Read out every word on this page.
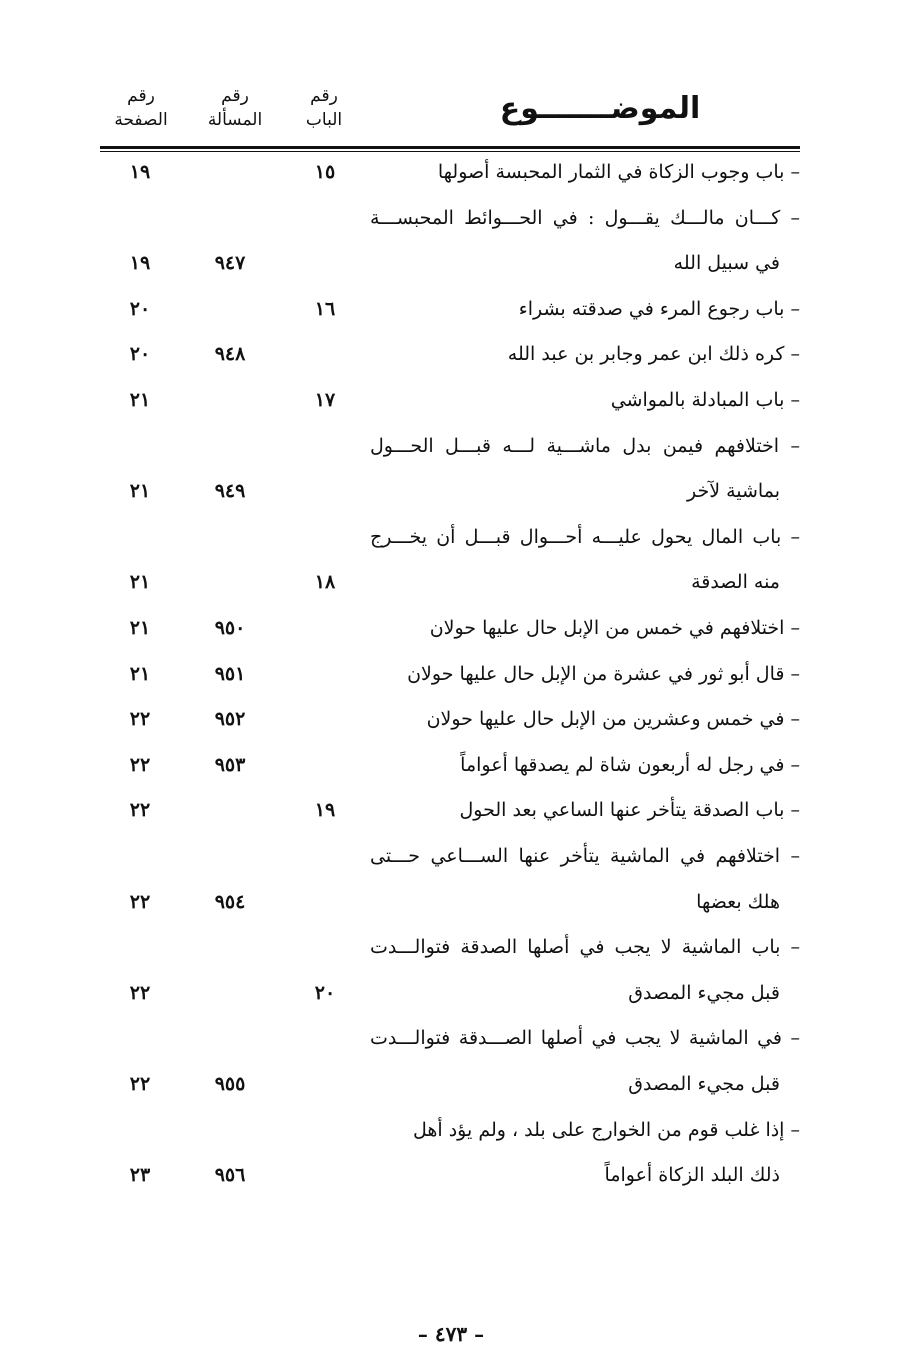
الموضـــــــوع
رقم
الباب
رقم
المسألة
رقم
الصفحة
– باب وجوب الزكاة في الثمار المحبسة أصولها
١٥
١٩
– كـــان مالـــك يقـــول : في الحـــوائط المحبســـة
في سبيل الله
٩٤٧
١٩
– باب رجوع المرء في صدقته بشراء
١٦
٢٠
– كره ذلك ابن عمر وجابر بن عبد الله
٩٤٨
٢٠
– باب المبادلة بالمواشي
١٧
٢١
– اختلافهم فيمن بدل ماشـــية لـــه قبـــل الحـــول
بماشية لآخر
٩٤٩
٢١
– باب المال يحول عليـــه أحـــوال قبـــل أن يخـــرج
منه الصدقة
١٨
٢١
– اختلافهم في خمس من الإبل حال عليها حولان
٩٥٠
٢١
– قال أبو ثور في عشرة من الإبل حال عليها حولان
٩٥١
٢١
– في خمس وعشرين من الإبل حال عليها حولان
٩٥٢
٢٢
– في رجل له أربعون شاة لم يصدقها أعواماً
٩٥٣
٢٢
– باب الصدقة يتأخر عنها الساعي بعد الحول
١٩
٢٢
– اختلافهم في الماشية يتأخر عنها الســـاعي حـــتى
هلك بعضها
٩٥٤
٢٢
– باب الماشية لا يجب في أصلها الصدقة فتوالـــدت
قبل مجيء المصدق
٢٠
٢٢
– في الماشية لا يجب في أصلها الصـــدقة فتوالـــدت
قبل مجيء المصدق
٩٥٥
٢٢
– إذا غلب قوم من الخوارج على بلد ، ولم يؤد أهل
ذلك البلد الزكاة أعواماً
٩٥٦
٢٣
– ٤٧٣ –
